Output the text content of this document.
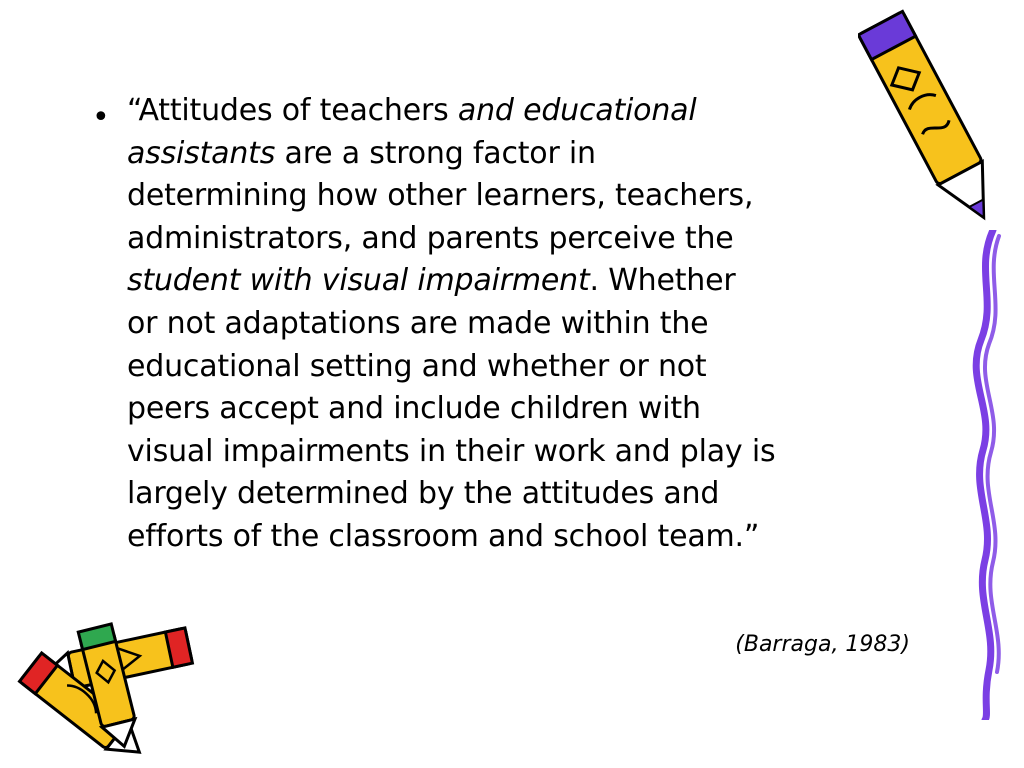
• “Attitudes of teachers and educational
assistants are a strong factor in
determining how other learners, teachers,
administrators, and parents perceive the
student with visual impairment. Whether
or not adaptations are made within the
educational setting and whether or not
peers accept and include children with
visual impairments in their work and play is
largely determined by the attitudes and
efforts of the classroom and school team.”
(Barraga, 1983)
